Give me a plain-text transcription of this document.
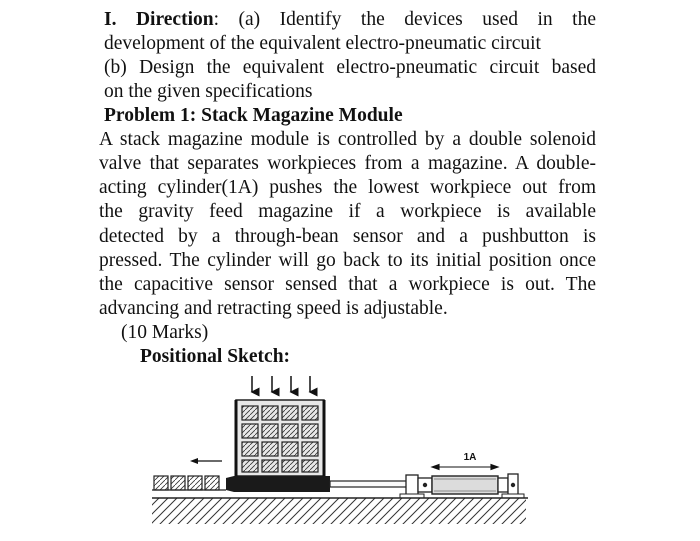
I. Direction: (a) Identify the devices used in the
development of the equivalent electro-pneumatic circuit
(b) Design the equivalent electro-pneumatic circuit based
on the given specifications
Problem 1: Stack Magazine Module
A stack magazine module is controlled by a double solenoid
valve that separates workpieces from a magazine. A double-
acting cylinder(1A) pushes the lowest workpiece out from
the gravity feed magazine if a workpiece is available
detected by a through-bean sensor and a pushbutton is
pressed. The cylinder will go back to its initial position once
the capacitive sensor sensed that a workpiece is out. The
advancing and retracting speed is adjustable.
(10 Marks)
Positional Sketch:
1A
